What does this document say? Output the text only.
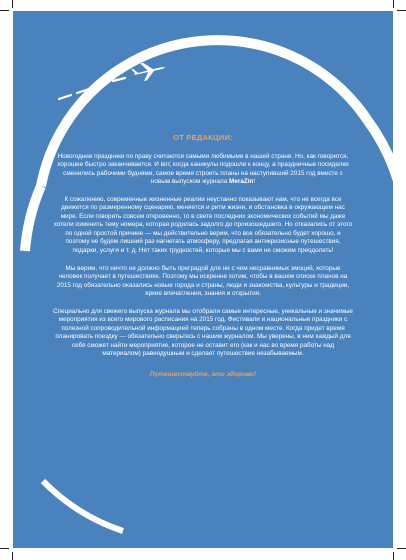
ОТ РЕДАКЦИИ:

Новогодние праздники по праву считаются самыми любимыми в нашей стране. Но, как говорится, хорошее быстро заканчивается. И вот, когда каникулы подошли к концу, а праздничные посиделки сменились рабочими буднями, самое время строить планы на наступивший 2015 год вместе с новым выпуском журнала MeraZin!

К сожалению, современные жизненные реалии неустанно показывают нам, что не всегда все движется по размеренному сценарию, меняется и ритм жизни, и обстановка в окружающем нас мире. Если говорить совсем откровенно, то в свете последних экономических событий мы даже хотели изменить тему номера, которая родилась задолго до произошедшего. Но отказались от этого по одной простой причине — мы действительно верим, что все обязательно будет хорошо, и поэтому не будем лишний раз нагнетать атмосферу, предлагая антикризисные путешествия, подарки, услуги и т. д. Нет таких трудностей, которые мы с вами не сможем преодолеть!

Мы верим, что ничто не должно быть преградой для ни с чем несравнимых эмоций, которые человек получает в путешествиях. Поэтому мы искренне хотим, чтобы в вашем списке планов на 2015 год обязательно оказались новые города и страны, люди и знакомства, культуры и традиции, яркие впечатления, знания и открытия.

Специально для свежего выпуска журнала мы отобрали самые интересные, уникальные и значимые мероприятия из всего мирового расписания на 2015 год. Фестивали и национальные праздники с полезной сопроводительной информацией теперь собраны в одном месте. Когда придет время планировать поездку — обязательно сверьтесь с нашим журналом. Мы уверены, в нем каждый для себя сможет найти мероприятие, которое не оставит его (как и нас во время работы над материалом) равнодушным и сделает путешествие незабываемым.

Путешествуйте, это здорово!
